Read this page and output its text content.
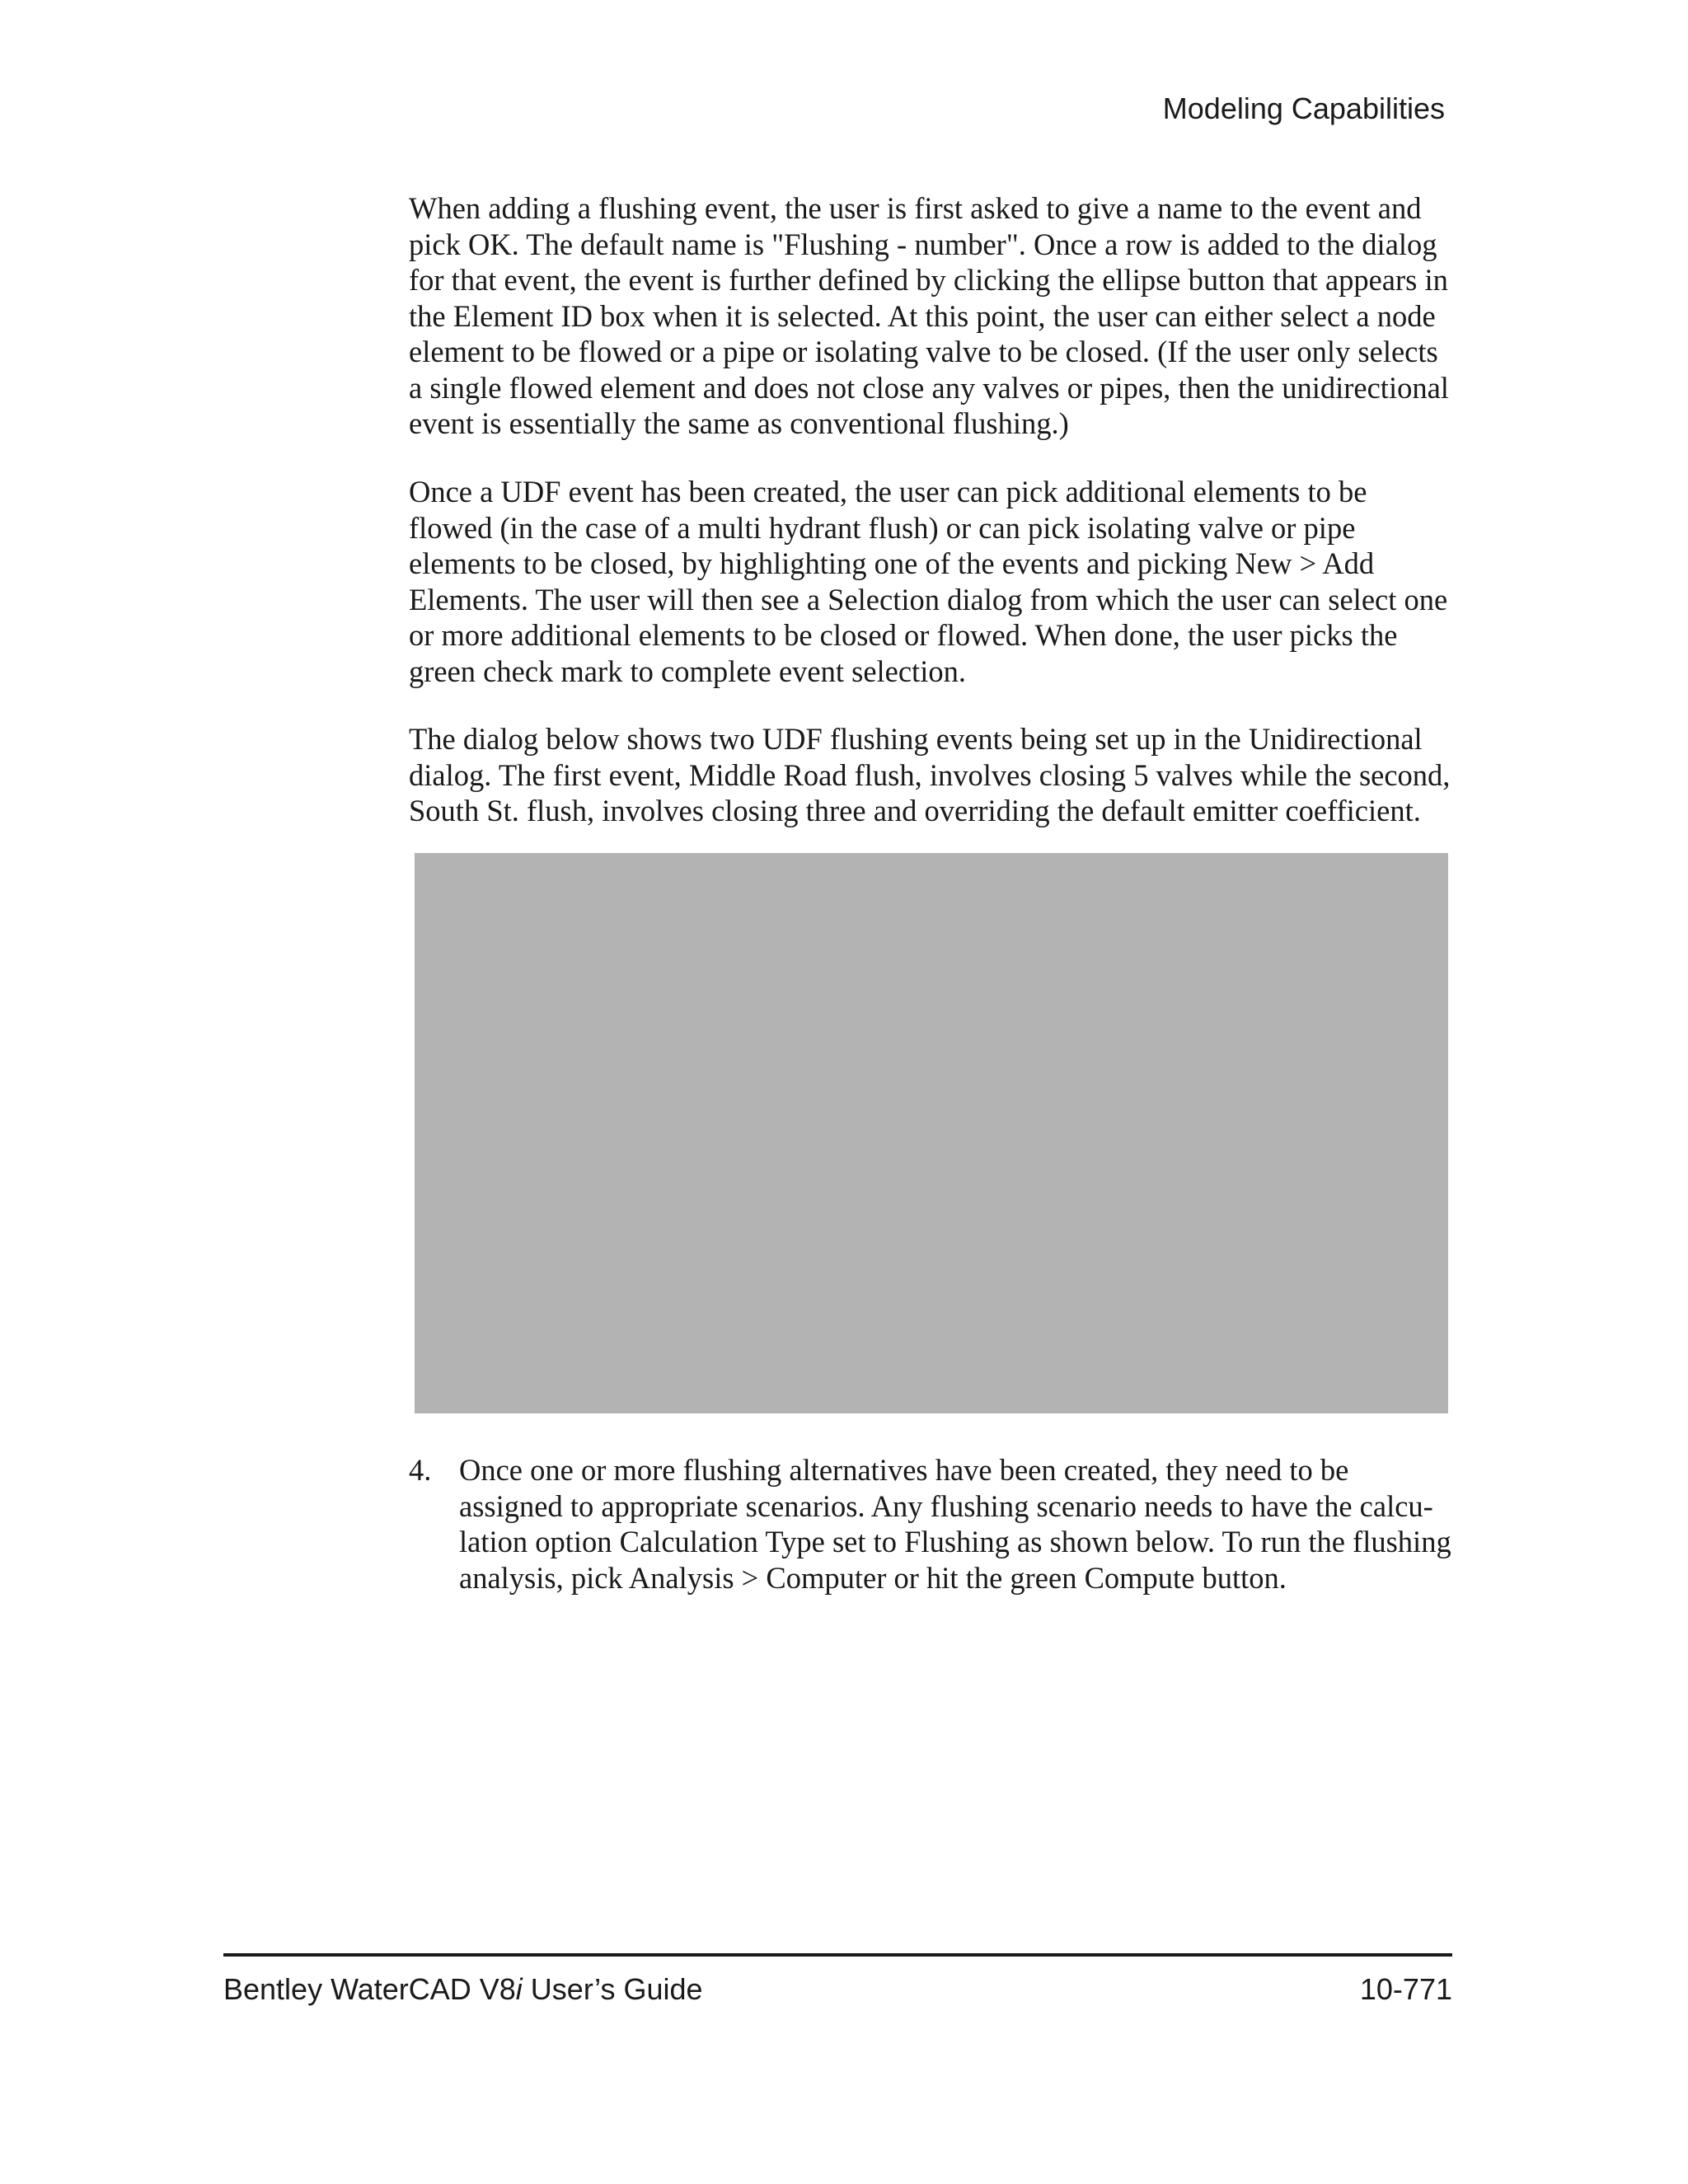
Modeling Capabilities

When adding a flushing event, the user is first asked to give a name to the event and
pick OK. The default name is "Flushing - number". Once a row is added to the dialog
for that event, the event is further defined by clicking the ellipse button that appears in
the Element ID box when it is selected. At this point, the user can either select a node
element to be flowed or a pipe or isolating valve to be closed. (If the user only selects
a single flowed element and does not close any valves or pipes, then the unidirectional
event is essentially the same as conventional flushing.)

Once a UDF event has been created, the user can pick additional elements to be
flowed (in the case of a multi hydrant flush) or can pick isolating valve or pipe
elements to be closed, by highlighting one of the events and picking New > Add
Elements. The user will then see a Selection dialog from which the user can select one
or more additional elements to be closed or flowed. When done, the user picks the
green check mark to complete event selection.

The dialog below shows two UDF flushing events being set up in the Unidirectional
dialog. The first event, Middle Road flush, involves closing 5 valves while the second,
South St. flush, involves closing three and overriding the default emitter coefficient.

4. Once one or more flushing alternatives have been created, they need to be
assigned to appropriate scenarios. Any flushing scenario needs to have the calcu-
lation option Calculation Type set to Flushing as shown below. To run the flushing
analysis, pick Analysis > Computer or hit the green Compute button.
Bentley WaterCAD V8i User’s Guide	10-771
